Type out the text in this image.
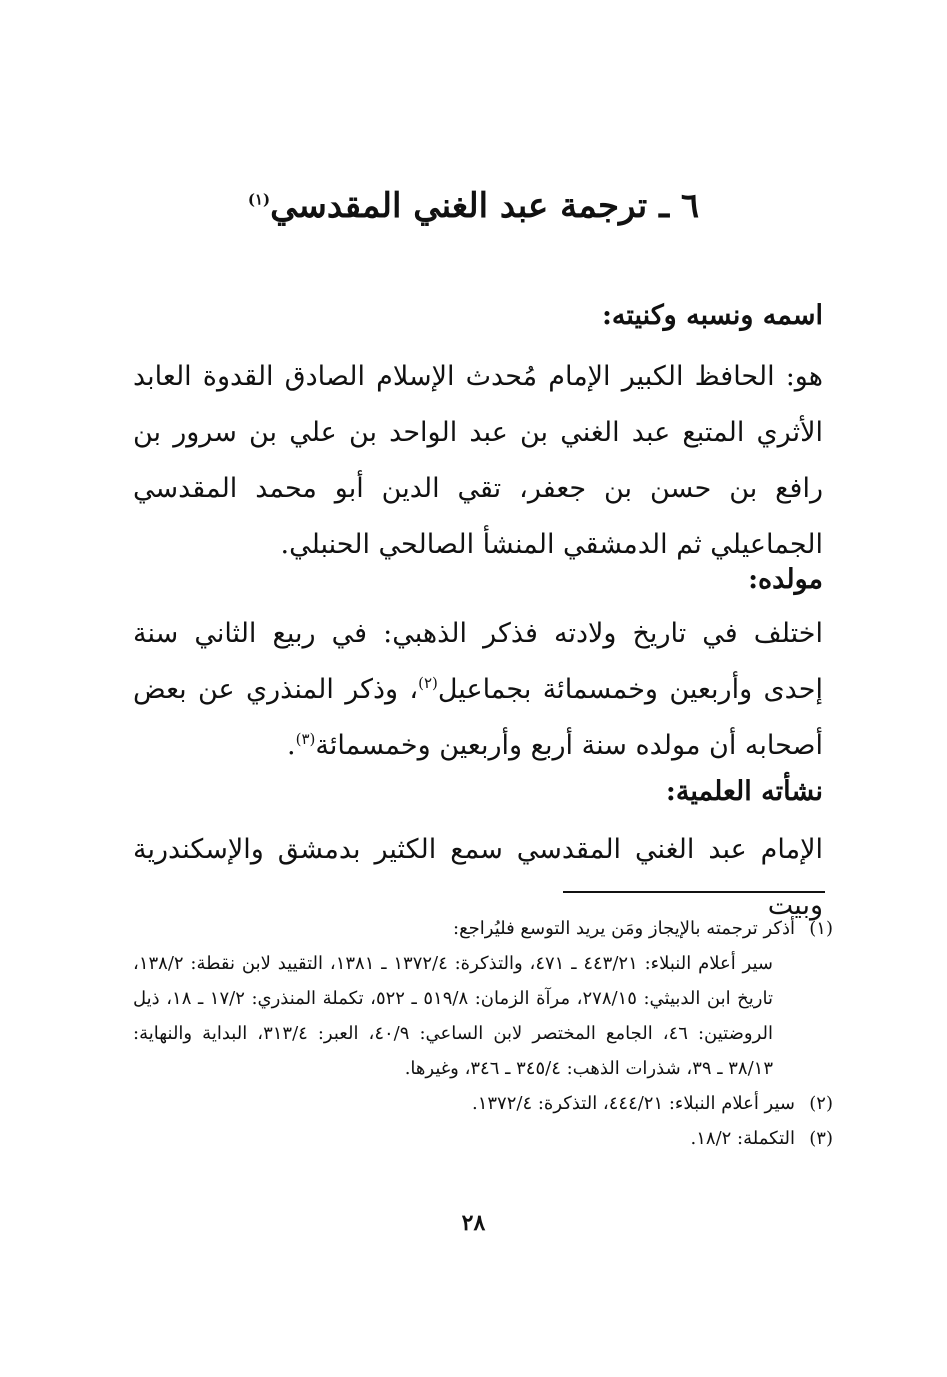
٦ ـ ترجمة عبد الغني المقدسي$^{(١)}$
اسمه ونسبه وكنيته:
هو: الحافظ الكبير الإمام مُحدث الإسلام الصادق القدوة العابد الأثري المتبع عبد الغني بن عبد الواحد بن علي بن سرور بن رافع بن حسن بن جعفر، تقي الدين أبو محمد المقدسي الجماعيلي ثم الدمشقي المنشأ الصالحي الحنبلي.
مولده:
اختلف في تاريخ ولادته فذكر الذهبي: في ربيع الثاني سنة إحدى وأربعين وخمسمائة بجماعيل$^{(٢)}$، وذكر المنذري عن بعض أصحابه أن مولده سنة أربع وأربعين وخمسمائة$^{(٣)}$.
نشأته العلمية:
الإمام عبد الغني المقدسي سمع الكثير بدمشق والإسكندرية وبيت
(١)
أذكر ترجمته بالإيجاز ومَن يريد التوسع فليُراجع:
سير أعلام النبلاء: ٤٤٣/٢١ ـ ٤٧١، والتذكرة: ١٣٧٢/٤ ـ ١٣٨١، التقييد لابن نقطة: ١٣٨/٢، تاريخ ابن الدبيثي: ٢٧٨/١٥، مرآة الزمان: ٥١٩/٨ ـ ٥٢٢، تكملة المنذري: ١٧/٢ ـ ١٨، ذيل الروضتين: ٤٦، الجامع المختصر لابن الساعي: ٤٠/٩، العبر: ٣١٣/٤، البداية والنهاية: ٣٨/١٣ ـ ٣٩، شذرات الذهب: ٣٤٥/٤ ـ ٣٤٦، وغيرها.
(٢)
سير أعلام النبلاء: ٤٤٤/٢١، التذكرة: ١٣٧٢/٤.
(٣)
التكملة: ١٨/٢.
٢٨
